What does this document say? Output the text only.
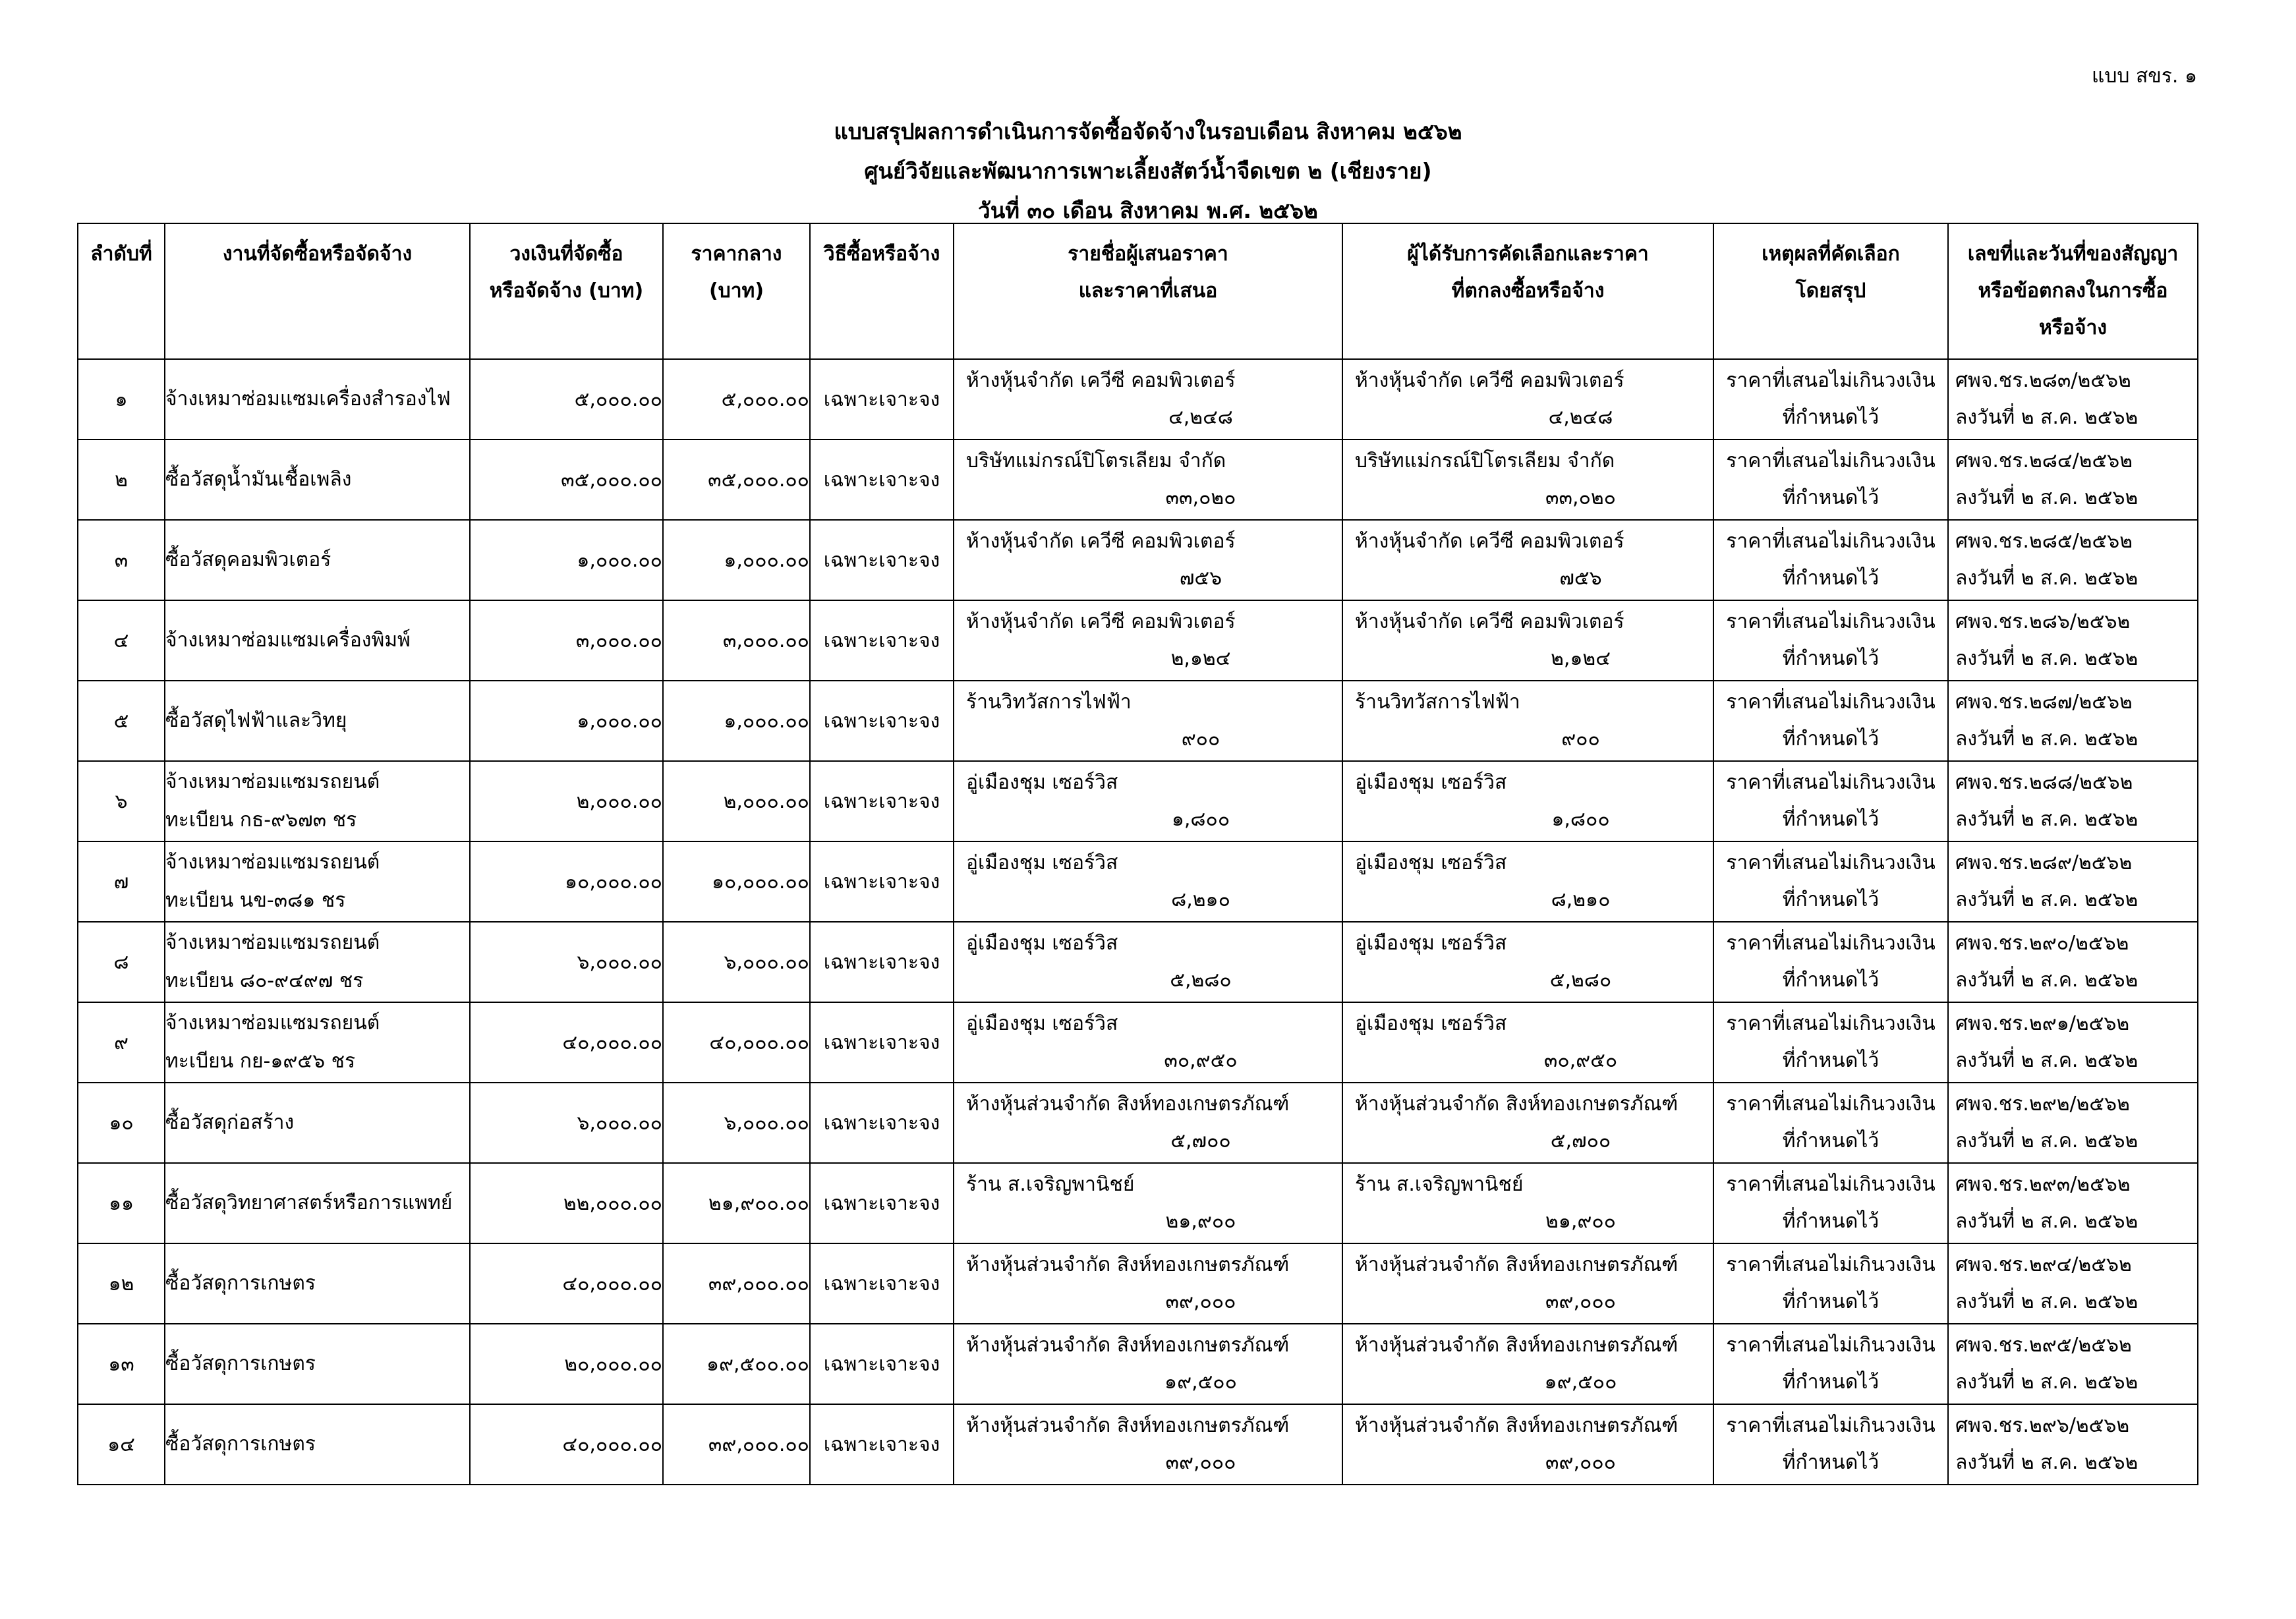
แบบ สขร. ๑
แบบสรุปผลการดำเนินการจัดซื้อจัดจ้างในรอบเดือน สิงหาคม ๒๕๖๒
ศูนย์วิจัยและพัฒนาการเพาะเลี้ยงสัตว์น้ำจืดเขต ๒ (เชียงราย)
วันที่ ๓๐ เดือน สิงหาคม พ.ศ. ๒๕๖๒
ลำดับที่	งานที่จัดซื้อหรือจัดจ้าง	วงเงินที่จัดซื้อ
หรือจัดจ้าง (บาท)	ราคากลาง
(บาท)	วิธีซื้อหรือจ้าง	รายชื่อผู้เสนอราคา
และราคาที่เสนอ	ผู้ได้รับการคัดเลือกและราคา
ที่ตกลงซื้อหรือจ้าง	เหตุผลที่คัดเลือก
โดยสรุป	เลขที่และวันที่ของสัญญา
หรือข้อตกลงในการซื้อ
หรือจ้าง

๑	จ้างเหมาซ่อมแซมเครื่องสำรองไฟ	๕,๐๐๐.๐๐	๕,๐๐๐.๐๐	เฉพาะเจาะจง	ห้างหุ้นจำกัด เควีซี คอมพิวเตอร์
๔,๒๔๘	ห้างหุ้นจำกัด เควีซี คอมพิวเตอร์
๔,๒๔๘	ราคาที่เสนอไม่เกินวงเงิน
ที่กำหนดไว้	ศพจ.ชร.๒๘๓/๒๕๖๒
ลงวันที่ ๒ ส.ค. ๒๕๖๒

๒	ซื้อวัสดุน้ำมันเชื้อเพลิง	๓๕,๐๐๐.๐๐	๓๕,๐๐๐.๐๐	เฉพาะเจาะจง	บริษัทแม่กรณ์ปิโตรเลียม จำกัด
๓๓,๐๒๐	บริษัทแม่กรณ์ปิโตรเลียม จำกัด
๓๓,๐๒๐	ราคาที่เสนอไม่เกินวงเงิน
ที่กำหนดไว้	ศพจ.ชร.๒๘๔/๒๕๖๒
ลงวันที่ ๒ ส.ค. ๒๕๖๒

๓	ซื้อวัสดุคอมพิวเตอร์	๑,๐๐๐.๐๐	๑,๐๐๐.๐๐	เฉพาะเจาะจง	ห้างหุ้นจำกัด เควีซี คอมพิวเตอร์
๗๕๖	ห้างหุ้นจำกัด เควีซี คอมพิวเตอร์
๗๕๖	ราคาที่เสนอไม่เกินวงเงิน
ที่กำหนดไว้	ศพจ.ชร.๒๘๕/๒๕๖๒
ลงวันที่ ๒ ส.ค. ๒๕๖๒

๔	จ้างเหมาซ่อมแซมเครื่องพิมพ์	๓,๐๐๐.๐๐	๓,๐๐๐.๐๐	เฉพาะเจาะจง	ห้างหุ้นจำกัด เควีซี คอมพิวเตอร์
๒,๑๒๔	ห้างหุ้นจำกัด เควีซี คอมพิวเตอร์
๒,๑๒๔	ราคาที่เสนอไม่เกินวงเงิน
ที่กำหนดไว้	ศพจ.ชร.๒๘๖/๒๕๖๒
ลงวันที่ ๒ ส.ค. ๒๕๖๒

๕	ซื้อวัสดุไฟฟ้าและวิทยุ	๑,๐๐๐.๐๐	๑,๐๐๐.๐๐	เฉพาะเจาะจง	ร้านวิทวัสการไฟฟ้า
๙๐๐	ร้านวิทวัสการไฟฟ้า
๙๐๐	ราคาที่เสนอไม่เกินวงเงิน
ที่กำหนดไว้	ศพจ.ชร.๒๘๗/๒๕๖๒
ลงวันที่ ๒ ส.ค. ๒๕๖๒

๖	จ้างเหมาซ่อมแซมรถยนต์
ทะเบียน กธ-๙๖๗๓ ชร	๒,๐๐๐.๐๐	๒,๐๐๐.๐๐	เฉพาะเจาะจง	อู่เมืองชุม เซอร์วิส
๑,๘๐๐	อู่เมืองชุม เซอร์วิส
๑,๘๐๐	ราคาที่เสนอไม่เกินวงเงิน
ที่กำหนดไว้	ศพจ.ชร.๒๘๘/๒๕๖๒
ลงวันที่ ๒ ส.ค. ๒๕๖๒

๗	จ้างเหมาซ่อมแซมรถยนต์
ทะเบียน นข-๓๘๑ ชร	๑๐,๐๐๐.๐๐	๑๐,๐๐๐.๐๐	เฉพาะเจาะจง	อู่เมืองชุม เซอร์วิส
๘,๒๑๐	อู่เมืองชุม เซอร์วิส
๘,๒๑๐	ราคาที่เสนอไม่เกินวงเงิน
ที่กำหนดไว้	ศพจ.ชร.๒๘๙/๒๕๖๒
ลงวันที่ ๒ ส.ค. ๒๕๖๒

๘	จ้างเหมาซ่อมแซมรถยนต์
ทะเบียน ๘๐-๙๔๙๗ ชร	๖,๐๐๐.๐๐	๖,๐๐๐.๐๐	เฉพาะเจาะจง	อู่เมืองชุม เซอร์วิส
๕,๒๘๐	อู่เมืองชุม เซอร์วิส
๕,๒๘๐	ราคาที่เสนอไม่เกินวงเงิน
ที่กำหนดไว้	ศพจ.ชร.๒๙๐/๒๕๖๒
ลงวันที่ ๒ ส.ค. ๒๕๖๒

๙	จ้างเหมาซ่อมแซมรถยนต์
ทะเบียน กย-๑๙๕๖ ชร	๔๐,๐๐๐.๐๐	๔๐,๐๐๐.๐๐	เฉพาะเจาะจง	อู่เมืองชุม เซอร์วิส
๓๐,๙๕๐	อู่เมืองชุม เซอร์วิส
๓๐,๙๕๐	ราคาที่เสนอไม่เกินวงเงิน
ที่กำหนดไว้	ศพจ.ชร.๒๙๑/๒๕๖๒
ลงวันที่ ๒ ส.ค. ๒๕๖๒

๑๐	ซื้อวัสดุก่อสร้าง	๖,๐๐๐.๐๐	๖,๐๐๐.๐๐	เฉพาะเจาะจง	ห้างหุ้นส่วนจำกัด สิงห์ทองเกษตรภัณฑ์
๕,๗๐๐	ห้างหุ้นส่วนจำกัด สิงห์ทองเกษตรภัณฑ์
๕,๗๐๐	ราคาที่เสนอไม่เกินวงเงิน
ที่กำหนดไว้	ศพจ.ชร.๒๙๒/๒๕๖๒
ลงวันที่ ๒ ส.ค. ๒๕๖๒

๑๑	ซื้อวัสดุวิทยาศาสตร์หรือการแพทย์	๒๒,๐๐๐.๐๐	๒๑,๙๐๐.๐๐	เฉพาะเจาะจง	ร้าน ส.เจริญพานิชย์
๒๑,๙๐๐	ร้าน ส.เจริญพานิชย์
๒๑,๙๐๐	ราคาที่เสนอไม่เกินวงเงิน
ที่กำหนดไว้	ศพจ.ชร.๒๙๓/๒๕๖๒
ลงวันที่ ๒ ส.ค. ๒๕๖๒

๑๒	ซื้อวัสดุการเกษตร	๔๐,๐๐๐.๐๐	๓๙,๐๐๐.๐๐	เฉพาะเจาะจง	ห้างหุ้นส่วนจำกัด สิงห์ทองเกษตรภัณฑ์
๓๙,๐๐๐	ห้างหุ้นส่วนจำกัด สิงห์ทองเกษตรภัณฑ์
๓๙,๐๐๐	ราคาที่เสนอไม่เกินวงเงิน
ที่กำหนดไว้	ศพจ.ชร.๒๙๔/๒๕๖๒
ลงวันที่ ๒ ส.ค. ๒๕๖๒

๑๓	ซื้อวัสดุการเกษตร	๒๐,๐๐๐.๐๐	๑๙,๕๐๐.๐๐	เฉพาะเจาะจง	ห้างหุ้นส่วนจำกัด สิงห์ทองเกษตรภัณฑ์
๑๙,๕๐๐	ห้างหุ้นส่วนจำกัด สิงห์ทองเกษตรภัณฑ์
๑๙,๕๐๐	ราคาที่เสนอไม่เกินวงเงิน
ที่กำหนดไว้	ศพจ.ชร.๒๙๕/๒๕๖๒
ลงวันที่ ๒ ส.ค. ๒๕๖๒

๑๔	ซื้อวัสดุการเกษตร	๔๐,๐๐๐.๐๐	๓๙,๐๐๐.๐๐	เฉพาะเจาะจง	ห้างหุ้นส่วนจำกัด สิงห์ทองเกษตรภัณฑ์
๓๙,๐๐๐	ห้างหุ้นส่วนจำกัด สิงห์ทองเกษตรภัณฑ์
๓๙,๐๐๐	ราคาที่เสนอไม่เกินวงเงิน
ที่กำหนดไว้	ศพจ.ชร.๒๙๖/๒๕๖๒
ลงวันที่ ๒ ส.ค. ๒๕๖๒
